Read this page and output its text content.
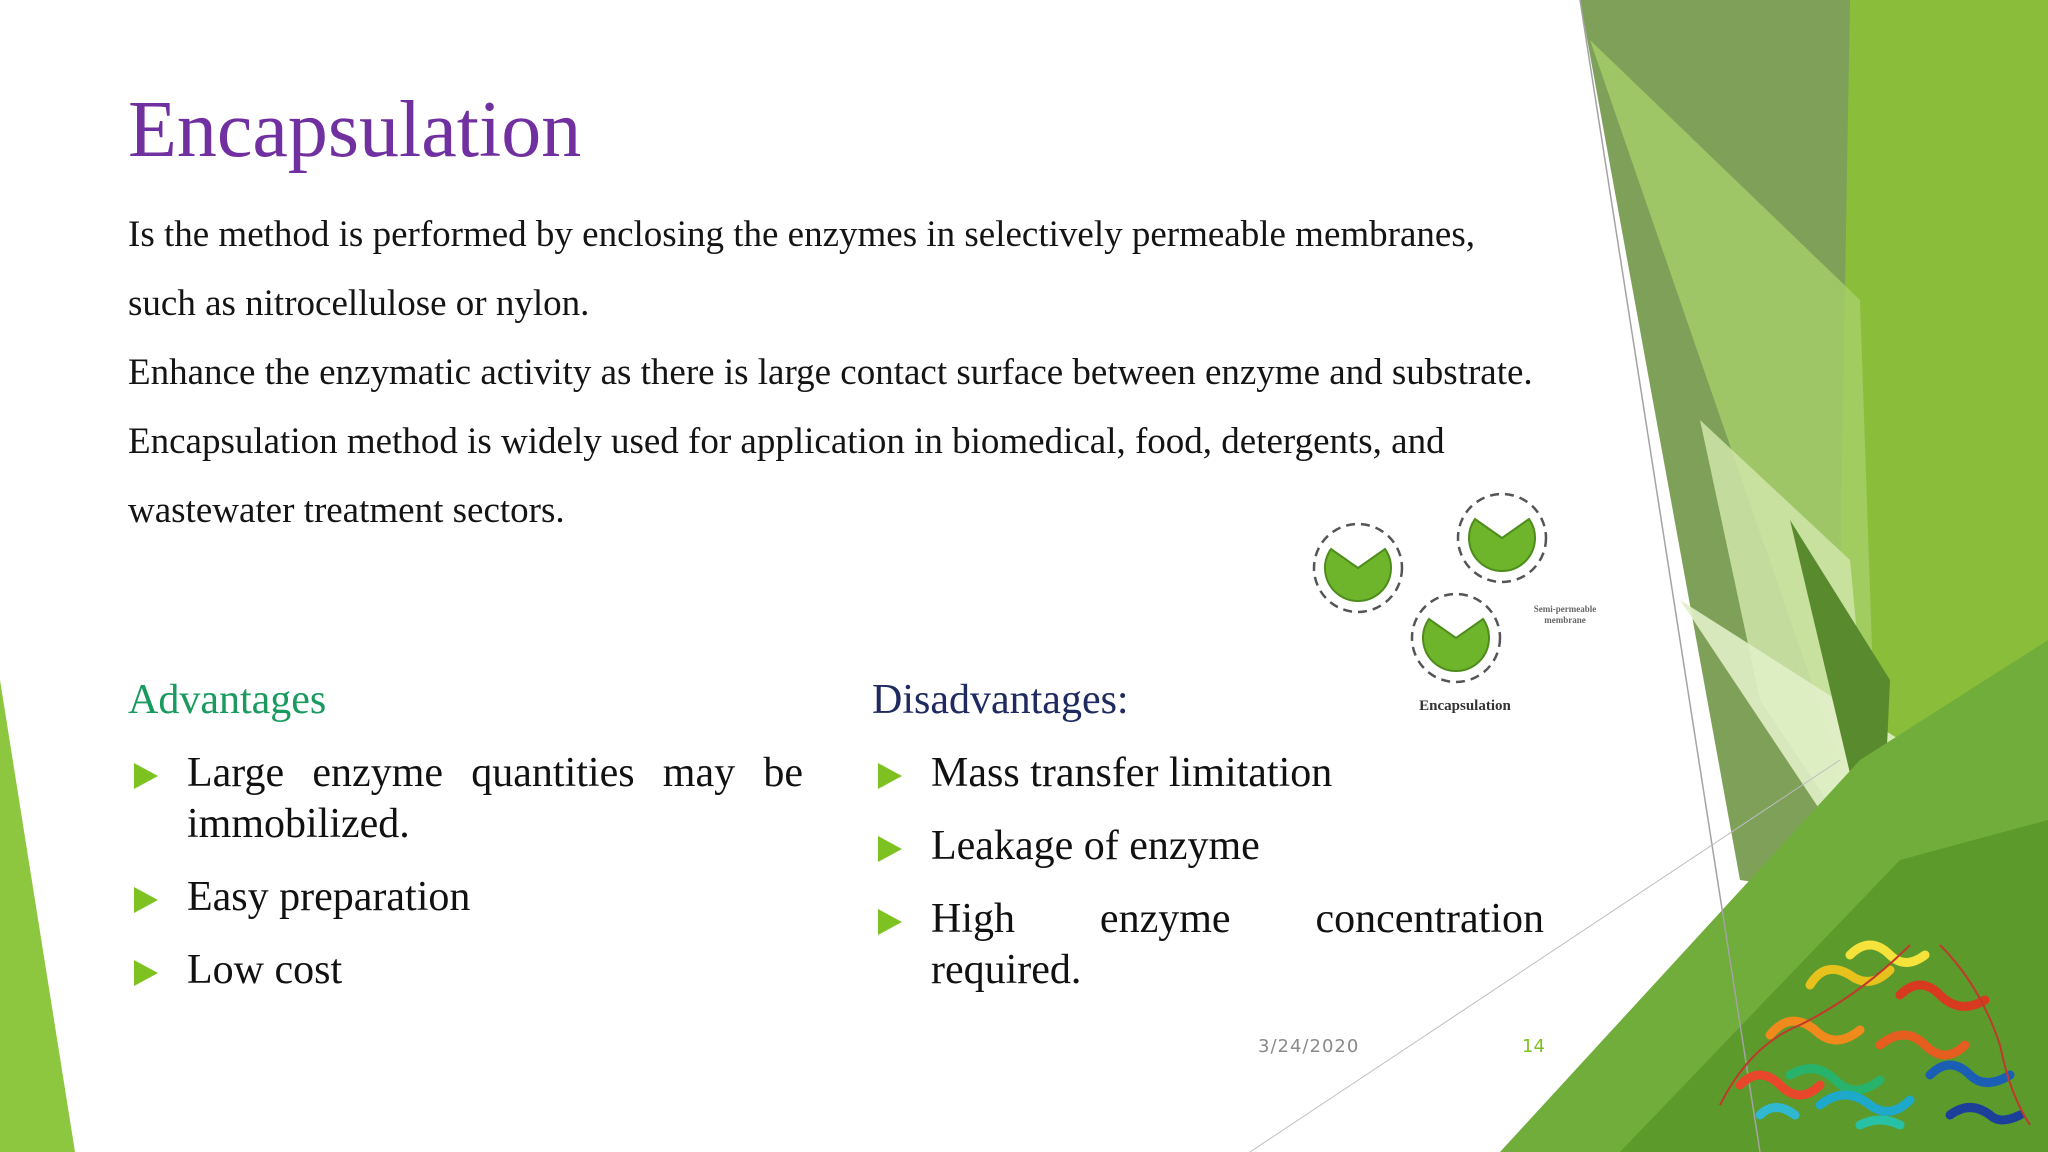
Encapsulation

Is the method is performed by enclosing the enzymes in selectively permeable membranes, such as nitrocellulose or nylon.

Enhance the enzymatic activity as there is large contact surface between enzyme and substrate. Encapsulation method is widely used for application in biomedical, food, detergents, and wastewater treatment sectors.

Semi-permeable membrane
Encapsulation
Advantages
Large enzyme quantities may be immobilized.
Easy preparation
Low cost
Disadvantages:
Mass transfer limitation
Leakage of enzyme
High enzyme concentration required.
3/24/2020	14
